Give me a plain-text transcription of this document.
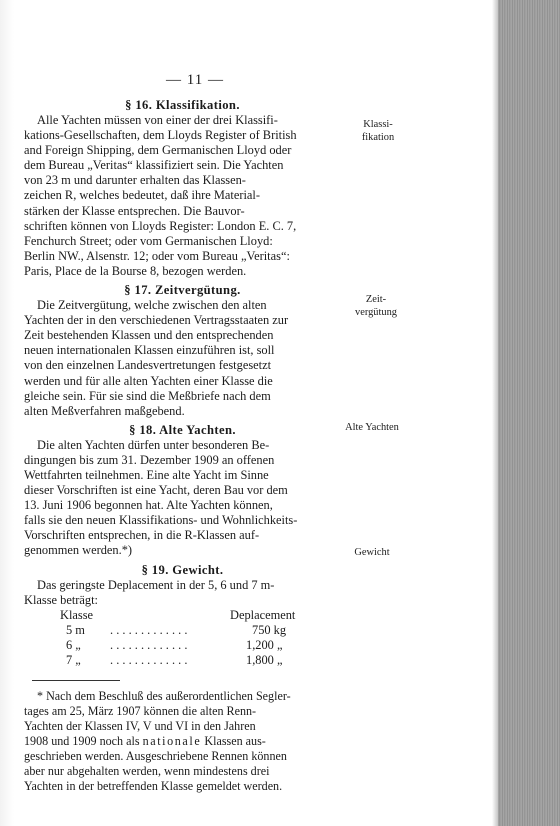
— 11 —
Klassi-
fikation
Zeit-
vergütung
Alte Yachten
Gewicht
§ 16. Klassifikation.

Alle Yachten müssen von einer der drei Klassifi-

kations-Gesellschaften, dem Lloyds Register of British

and Foreign Shipping, dem Germanischen Lloyd oder

dem Bureau „Veritas“ klassifiziert sein. Die Yachten

von 23 m und darunter erhalten das Klassen-

zeichen R, welches bedeutet, daß ihre Material-

stärken der Klasse entsprechen. Die Bauvor-

schriften können von Lloyds Register: London E. C. 7,

Fenchurch Street; oder vom Germanischen Lloyd:

Berlin NW., Alsenstr. 12; oder vom Bureau „Veritas“:

Paris, Place de la Bourse 8, bezogen werden.

§ 17. Zeitvergütung.

Die Zeitvergütung, welche zwischen den alten

Yachten der in den verschiedenen Vertragsstaaten zur

Zeit bestehenden Klassen und den entsprechenden

neuen internationalen Klassen einzuführen ist, soll

von den einzelnen Landesvertretungen festgesetzt

werden und für alle alten Yachten einer Klasse die

gleiche sein. Für sie sind die Meßbriefe nach dem

alten Meßverfahren maßgebend.

§ 18. Alte Yachten.

Die alten Yachten dürfen unter besonderen Be-

dingungen bis zum 31. Dezember 1909 an offenen

Wettfahrten teilnehmen. Eine alte Yacht im Sinne

dieser Vorschriften ist eine Yacht, deren Bau vor dem

13. Juni 1906 begonnen hat. Alte Yachten können,

falls sie den neuen Klassifikations- und Wohnlichkeits-

Vorschriften entsprechen, in die R-Klassen auf-

genommen werden.*)

§ 19. Gewicht.

Das geringste Deplacement in der 5, 6 und 7 m-

Klasse beträgt:

Klasse	Deplacement
5 m . . . . . . . . . . . . .	750 kg
6 „ . . . . . . . . . . . . .	1,200 „
7 „ . . . . . . . . . . . . .	1,800 „

* Nach dem Beschluß des außerordentlichen Segler-

tages am 25, März 1907 können die alten Renn-

Yachten der Klassen IV, V und VI in den Jahren

1908 und 1909 noch als nationale Klassen aus-

geschrieben werden. Ausgeschriebene Rennen können

aber nur abgehalten werden, wenn mindestens drei

Yachten in der betreffenden Klasse gemeldet werden.
